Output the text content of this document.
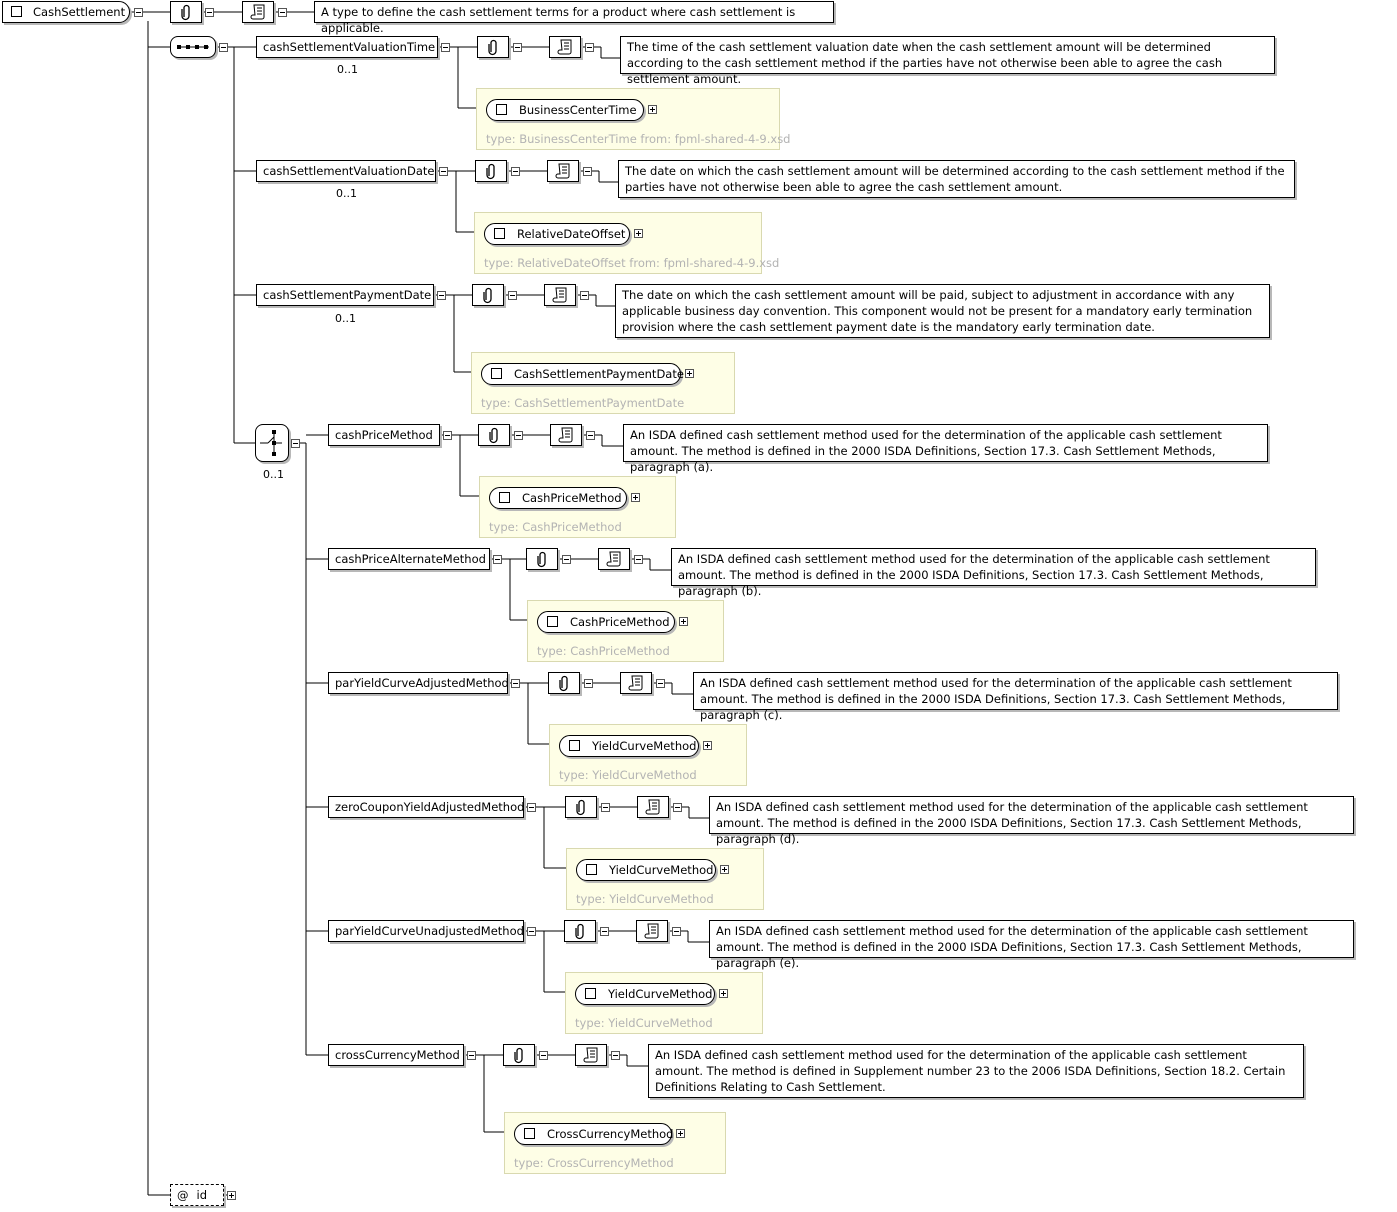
CashSettlement	A type to define the cash settlement terms for a product where cash settlement is applicable.
cashSettlementValuationTime	The time of the cash settlement valuation date when the cash settlement amount will be determined according to the cash settlement method if the parties have not otherwise been able to agree the cash settlement amount.
0..1
BusinessCenterTime
type: BusinessCenterTime from: fpml-shared-4-9.xsd
cashSettlementValuationDate	The date on which the cash settlement amount will be determined according to the cash settlement method if the parties have not otherwise been able to agree the cash settlement amount.
0..1
RelativeDateOffset
type: RelativeDateOffset from: fpml-shared-4-9.xsd
cashSettlementPaymentDate	The date on which the cash settlement amount will be paid, subject to adjustment in accordance with any applicable business day convention. This component would not be present for a mandatory early termination provision where the cash settlement payment date is the mandatory early termination date.
0..1
CashSettlementPaymentDate
type: CashSettlementPaymentDate
0..1
cashPriceMethod	An ISDA defined cash settlement method used for the determination of the applicable cash settlement amount. The method is defined in the 2000 ISDA Definitions, Section 17.3. Cash Settlement Methods, paragraph (a).
CashPriceMethod
type: CashPriceMethod
cashPriceAlternateMethod	An ISDA defined cash settlement method used for the determination of the applicable cash settlement amount. The method is defined in the 2000 ISDA Definitions, Section 17.3. Cash Settlement Methods, paragraph (b).
CashPriceMethod
type: CashPriceMethod
parYieldCurveAdjustedMethod	An ISDA defined cash settlement method used for the determination of the applicable cash settlement amount. The method is defined in the 2000 ISDA Definitions, Section 17.3. Cash Settlement Methods, paragraph (c).
YieldCurveMethod
type: YieldCurveMethod
zeroCouponYieldAdjustedMethod	An ISDA defined cash settlement method used for the determination of the applicable cash settlement amount. The method is defined in the 2000 ISDA Definitions, Section 17.3. Cash Settlement Methods, paragraph (d).
YieldCurveMethod
type: YieldCurveMethod
parYieldCurveUnadjustedMethod	An ISDA defined cash settlement method used for the determination of the applicable cash settlement amount. The method is defined in the 2000 ISDA Definitions, Section 17.3. Cash Settlement Methods, paragraph (e).
YieldCurveMethod
type: YieldCurveMethod
crossCurrencyMethod	An ISDA defined cash settlement method used for the determination of the applicable cash settlement amount. The method is defined in Supplement number 23 to the 2006 ISDA Definitions, Section 18.2. Certain Definitions Relating to Cash Settlement.
CrossCurrencyMethod
type: CrossCurrencyMethod
@ id
